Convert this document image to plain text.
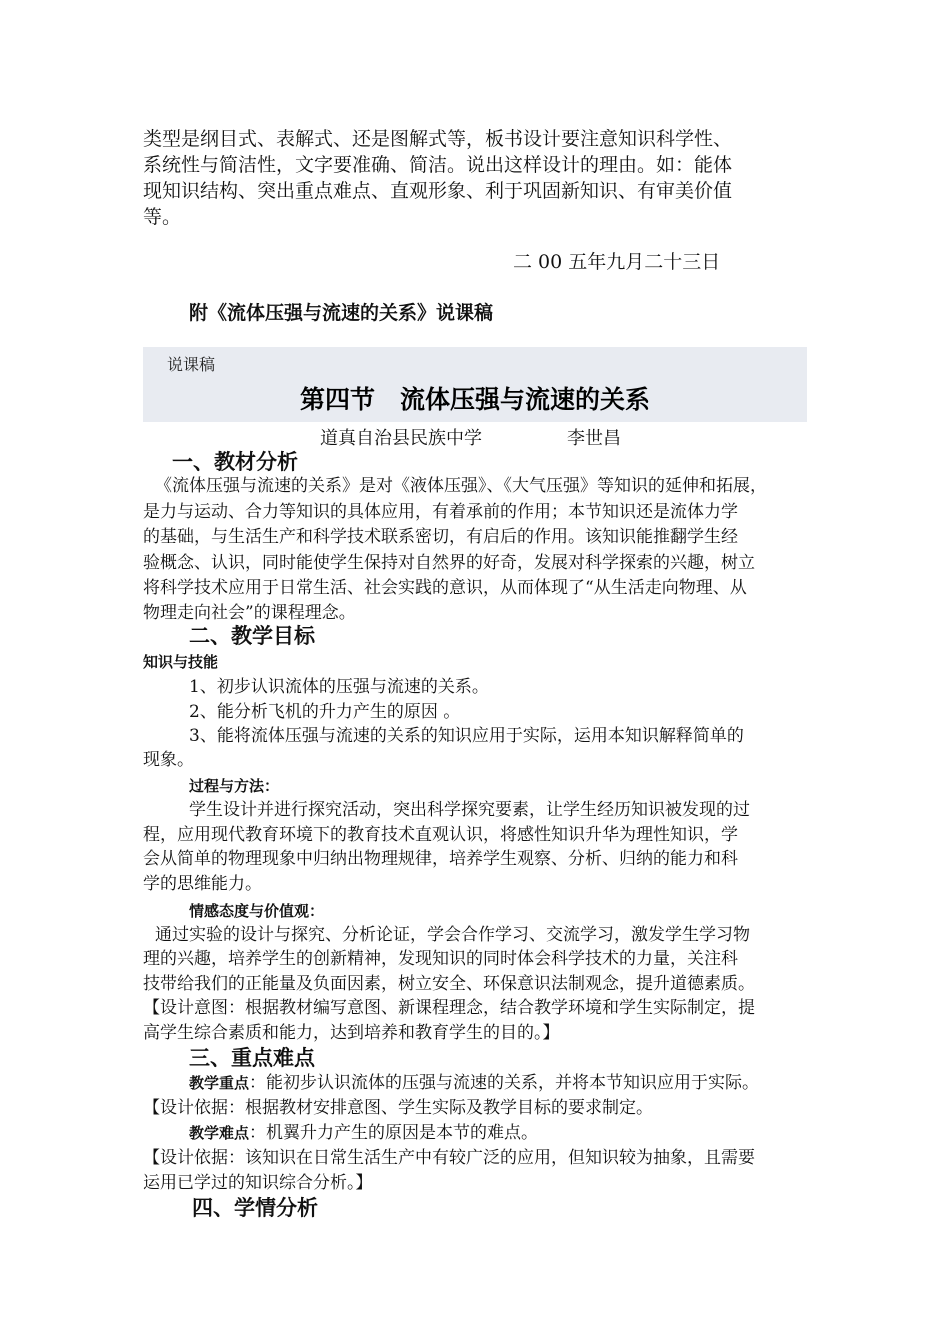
类型是纲目式、表解式、还是图解式等，板书设计要注意知识科学性、
系统性与简洁性，文字要准确、简洁。说出这样设计的理由。如：能体
现知识结构、突出重点难点、直观形象、利于巩固新知识、有审美价值
等。
二 00 五年九月二十三日
附《流体压强与流速的关系》说课稿
说课稿
第四节　流体压强与流速的关系
道真自治县民族中学	李世昌
一、教材分析
《流体压强与流速的关系》是对《液体压强》、《大气压强》等知识的延伸和拓展，
是力与运动、合力等知识的具体应用，有着承前的作用；本节知识还是流体力学
的基础，与生活生产和科学技术联系密切，有启后的作用。该知识能推翻学生经
验概念、认识，同时能使学生保持对自然界的好奇，发展对科学探索的兴趣，树立
将科学技术应用于日常生活、社会实践的意识，从而体现了“从生活走向物理、从
物理走向社会”的课程理念。
二、教学目标
知识与技能
1、初步认识流体的压强与流速的关系。
2、能分析飞机的升力产生的原因 。
3、能将流体压强与流速的关系的知识应用于实际，运用本知识解释简单的
现象。
过程与方法：
学生设计并进行探究活动，突出科学探究要素，让学生经历知识被发现的过
程，应用现代教育环境下的教育技术直观认识，将感性知识升华为理性知识，学
会从简单的物理现象中归纳出物理规律，培养学生观察、分析、归纳的能力和科
学的思维能力。
情感态度与价值观：
通过实验的设计与探究、分析论证，学会合作学习、交流学习，激发学生学习物
理的兴趣，培养学生的创新精神，发现知识的同时体会科学技术的力量，关注科
技带给我们的正能量及负面因素，树立安全、环保意识法制观念，提升道德素质。
【设计意图：根据教材编写意图、新课程理念，结合教学环境和学生实际制定，提
高学生综合素质和能力，达到培养和教育学生的目的。】
三、重点难点
教学重点：能初步认识流体的压强与流速的关系，并将本节知识应用于实际。
【设计依据：根据教材安排意图、学生实际及教学目标的要求制定。
教学难点：机翼升力产生的原因是本节的难点。
【设计依据：该知识在日常生活生产中有较广泛的应用，但知识较为抽象，且需要
运用已学过的知识综合分析。】
四、学情分析
